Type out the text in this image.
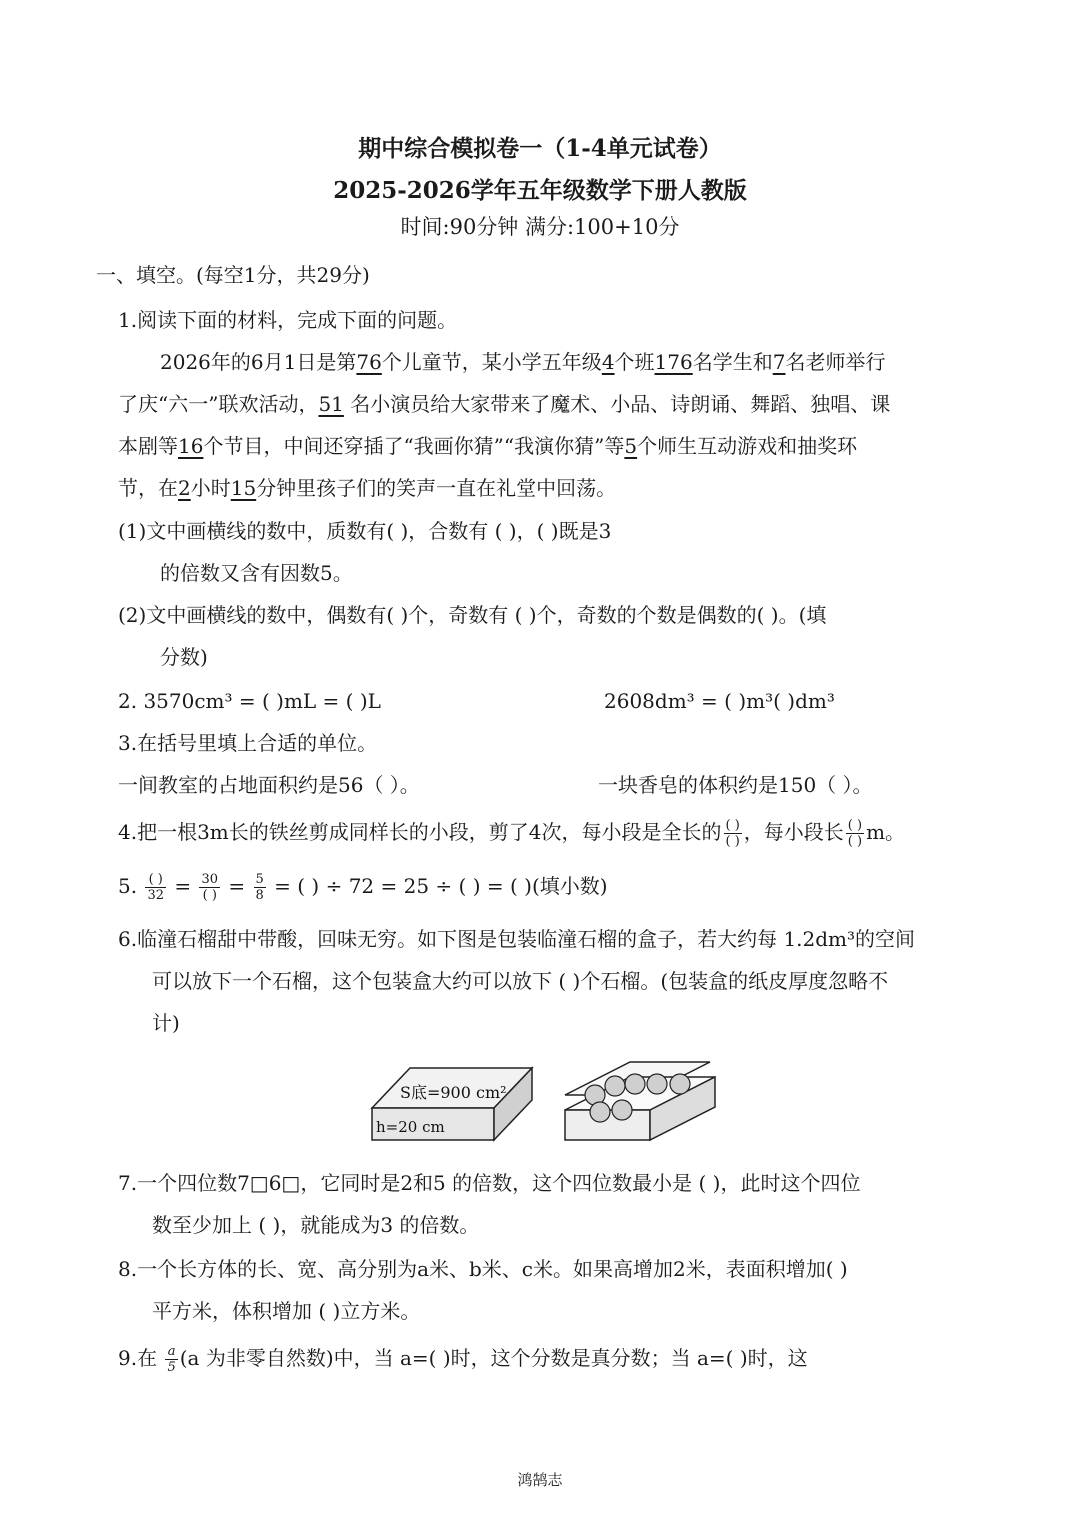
期中综合模拟卷一（1-4单元试卷）
2025-2026学年五年级数学下册人教版
时间:90分钟 满分:100+10分
一、填空。(每空1分，共29分)
1.阅读下面的材料，完成下面的问题。
2026年的6月1日是第76个儿童节，某小学五年级4个班176名学生和7名老师举行
了庆“六一”联欢活动，51 名小演员给大家带来了魔术、小品、诗朗诵、舞蹈、独唱、课
本剧等16个节目，中间还穿插了“我画你猜”“我演你猜”等5个师生互动游戏和抽奖环
节，在2小时15分钟里孩子们的笑声一直在礼堂中回荡。
(1)文中画横线的数中，质数有( )，合数有 ( )，( )既是3
的倍数又含有因数5。
(2)文中画横线的数中，偶数有( )个，奇数有 ( )个，奇数的个数是偶数的( )。(填
分数)
2. 3570cm³ = ( )mL = ( )L	2608dm³ = ( )m³( )dm³
3.在括号里填上合适的单位。
一间教室的占地面积约是56（ ）。	一块香皂的体积约是150（ ）。
4.把一根3m长的铁丝剪成同样长的小段，剪了4次，每小段是全长的 $\frac{( )}{( )}$ ，每小段长 $\frac{( )}{( )}$ m。
5. $\frac{( )}{32} = \frac{30}{( )} = \frac{5}{8}$ = ( ) ÷ 72 = 25 ÷ ( ) = ( )(填小数)
6.临潼石榴甜中带酸，回味无穷。如下图是包装临潼石榴的盒子，若大约每 1.2dm³的空间
可以放下一个石榴，这个包装盒大约可以放下 ( )个石榴。(包装盒的纸皮厚度忽略不
计)
S底=900 cm²
h=20 cm
7.一个四位数7□6□，它同时是2和5 的倍数，这个四位数最小是 ( )，此时这个四位
数至少加上 ( )，就能成为3 的倍数。
8.一个长方体的长、宽、高分别为a米、b米、c米。如果高增加2米，表面积增加( )
平方米，体积增加 ( )立方米。
9.在 $\frac{a}{5} (a$ 为非零自然数)中，当 a=( )时，这个分数是真分数；当 a=( )时，这
鸿鹄志
